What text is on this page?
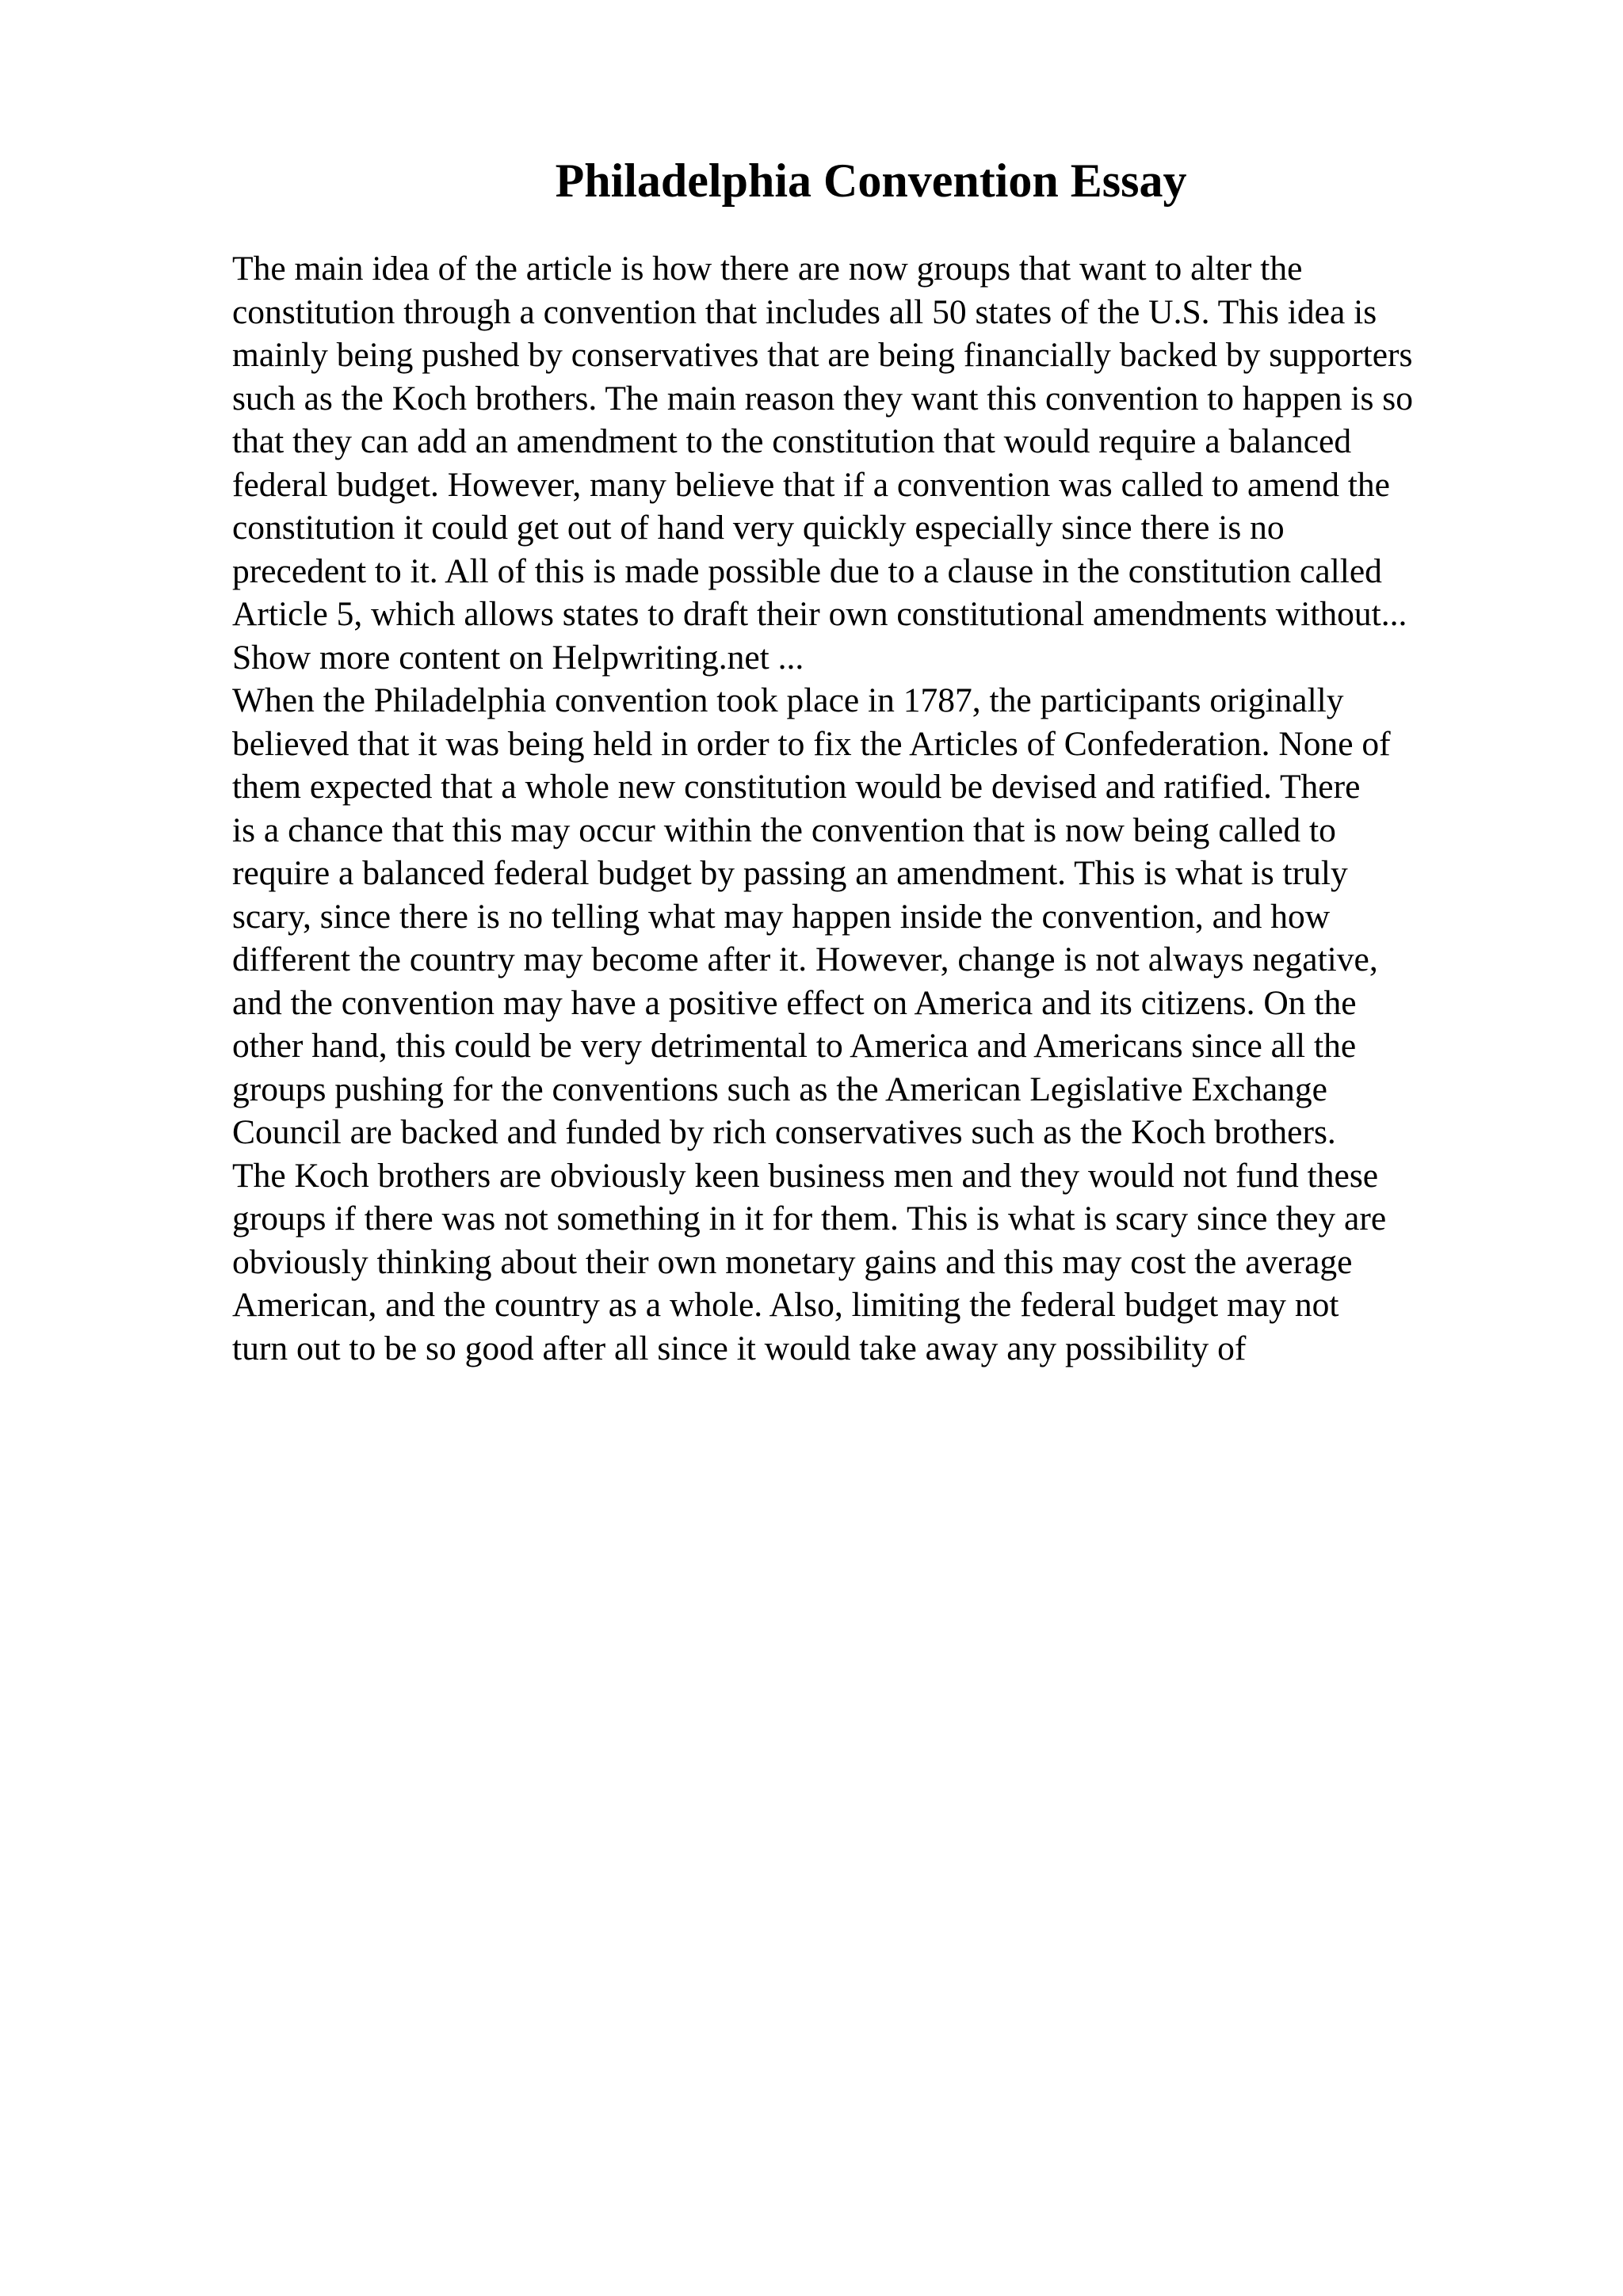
Philadelphia Convention Essay
The main idea of the article is how there are now groups that want to alter the
constitution through a convention that includes all 50 states of the U.S. This idea is
mainly being pushed by conservatives that are being financially backed by supporters
such as the Koch brothers. The main reason they want this convention to happen is so
that they can add an amendment to the constitution that would require a balanced
federal budget. However, many believe that if a convention was called to amend the
constitution it could get out of hand very quickly especially since there is no
precedent to it. All of this is made possible due to a clause in the constitution called
Article 5, which allows states to draft their own constitutional amendments without...
Show more content on Helpwriting.net ...
When the Philadelphia convention took place in 1787, the participants originally
believed that it was being held in order to fix the Articles of Confederation. None of
them expected that a whole new constitution would be devised and ratified. There
is a chance that this may occur within the convention that is now being called to
require a balanced federal budget by passing an amendment. This is what is truly
scary, since there is no telling what may happen inside the convention, and how
different the country may become after it. However, change is not always negative,
and the convention may have a positive effect on America and its citizens. On the
other hand, this could be very detrimental to America and Americans since all the
groups pushing for the conventions such as the American Legislative Exchange
Council are backed and funded by rich conservatives such as the Koch brothers.
The Koch brothers are obviously keen business men and they would not fund these
groups if there was not something in it for them. This is what is scary since they are
obviously thinking about their own monetary gains and this may cost the average
American, and the country as a whole. Also, limiting the federal budget may not
turn out to be so good after all since it would take away any possibility of
